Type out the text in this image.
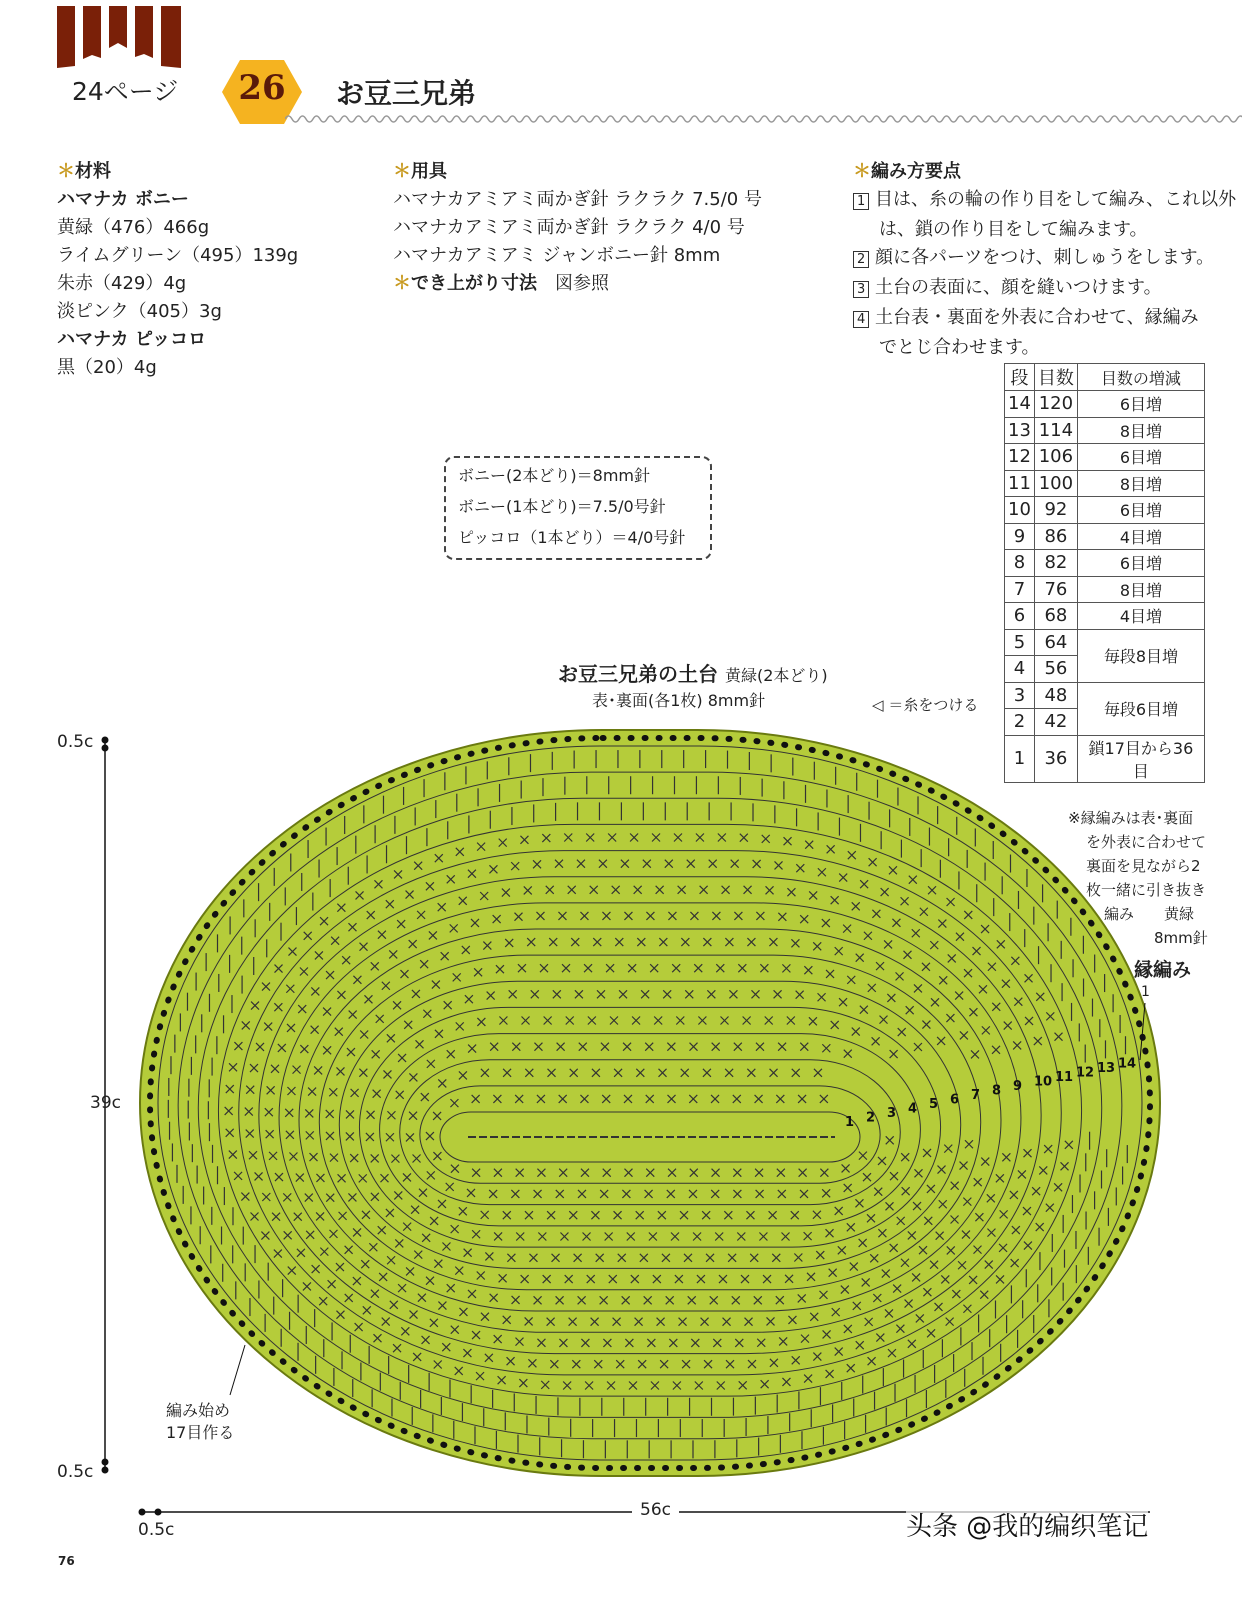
24ページ	26	お豆三兄弟
＊材料
ハマナカ ボニー
黄緑（476）466g
ライムグリーン（495）139g
朱赤（429）4g
淡ピンク（405）3g
ハマナカ ピッコロ
黒（20）4g
＊用具
ハマナカアミアミ両かぎ針 ラクラク 7.5/0 号
ハマナカアミアミ両かぎ針 ラクラク 4/0 号
ハマナカアミアミ ジャンボニー針 8mm
＊でき上がり寸法　 図参照
＊編み方要点
1 目は、糸の輪の作り目をして編み、これ以外
は、鎖の作り目をして編みます。
2 顔に各パーツをつけ、刺しゅうをします。
3 土台の表面に、顔を縫いつけます。
4 土台表・裏面を外表に合わせて、縁編み
でとじ合わせます。
ボニー(2本どり)＝8mm針
ボニー(1本どり)＝7.5/0号針
ピッコロ（1本どり）＝4/0号針
段	目数	目数の増減
14	120	6目増
13	114	8目増
12	106	6目増
11	100	8目増
10	92	6目増
9	86	4目増
8	82	6目増
7	76	8目増
6	68	4目増
5	64	毎段8目増
4	56	
3	48	毎段6目増
2	42	
1	36	鎖17目から36目
お豆三兄弟の土台 黄緑(2本どり)
表･裏面(各1枚) 8mm針	◁ ＝糸をつける
1 2 3 4 5 6 7 8 9 10 11 12 13 14
※縁編みは表･裏面
を外表に合わせて
裏面を見ながら2
枚一緒に引き抜き
編み　　黄緑
8mm針
縁編み
1
編み始め
17目作る
0.5c
39c
0.5c
56c
0.5c
76
头条 @我的编织笔记
